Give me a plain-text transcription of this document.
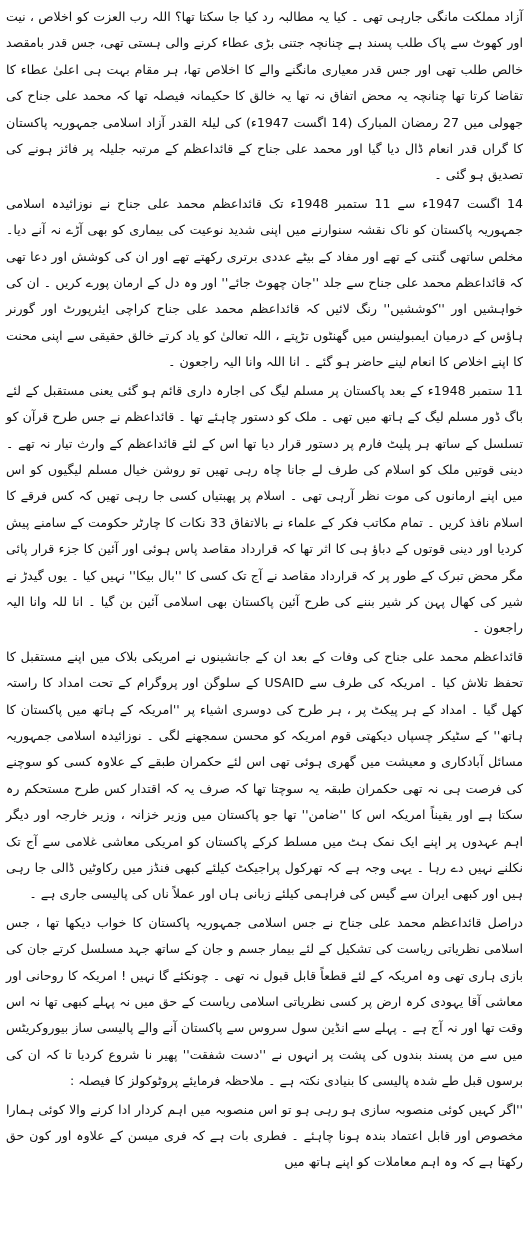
آزاد مملکت مانگی جارہی تھی ۔ کیا یہ مطالبہ رد کیا جا سکتا تھا؟ اللہ رب العزت کو اخلاص ، نیت اور کھوٹ سے پاک طلب پسند ہے چنانچہ جتنی بڑی عطاء کرنے والی ہستی تھی، جس قدر بامقصد خالص طلب تھی اور جس قدر معیاری مانگنے والے کا اخلاص تھا، ہر مقام بہت ہی اعلیٰ عطاء کا تقاضا کرتا تھا چنانچہ یہ محض اتفاق نہ تھا یہ خالق کا حکیمانہ فیصلہ تھا کہ محمد علی جناح کی جھولی میں 27 رمضان المبارک (14 اگست 1947ء) کی لیلۃ القدر آزاد اسلامی جمہوریہ پاکستان کا گراں قدر انعام ڈال دیا گیا اور محمد علی جناح کے قائداعظم کے مرتبہ جلیلہ پر فائز ہونے کی تصدیق ہو گئی ۔

14 اگست 1947ء سے 11 ستمبر 1948ء تک قائداعظم محمد علی جناح نے نوزائیدہ اسلامی جمہوریہ پاکستان کو ناک نقشہ سنوارنے میں اپنی شدید نوعیت کی بیماری کو بھی آڑے نہ آنے دیا۔ مخلص ساتھی گنتی کے تھے اور مفاد کے بیٹے عددی برتری رکھتے تھے اور ان کی کوشش اور دعا تھی کہ قائداعظم محمد علی جناح سے جلد ''جان چھوٹ جائے'' اور وہ دل کے ارمان پورے کریں ۔ ان کی خواہشیں اور ''کوششیں'' رنگ لائیں کہ قائداعظم محمد علی جناح کراچی ایئرپورٹ اور گورنر ہاؤس کے درمیان ایمبولینس میں گھنٹوں تڑپتے ، اللہ تعالیٰ کو یاد کرتے خالق حقیقی سے اپنی محنت کا اپنے اخلاص کا انعام لینے حاضر ہو گئے ۔ انا اللہ وانا الیہ راجعون ۔

11 ستمبر 1948ء کے بعد پاکستان پر مسلم لیگ کی اجارہ داری قائم ہو گئی یعنی مستقبل کے لئے باگ ڈور مسلم لیگ کے ہاتھ میں تھی ۔ ملک کو دستور چاہئے تھا ۔ قائداعظم نے جس طرح قرآن کو تسلسل کے ساتھ ہر پلیٹ فارم پر دستور قرار دیا تھا اس کے لئے قائداعظم کے وارث تیار نہ تھے ۔ دینی قوتیں ملک کو اسلام کی طرف لے جانا چاہ رہی تھیں تو روشن خیال مسلم لیگیوں کو اس میں اپنے ارمانوں کی موت نظر آرہی تھی ۔ اسلام پر پھبتیاں کسی جا رہی تھیں کہ کس فرقے کا اسلام نافذ کریں ۔ تمام مکاتب فکر کے علماء نے بالاتفاق 33 نکات کا چارٹر حکومت کے سامنے پیش کردیا اور دینی قوتوں کے دباؤ ہی کا اثر تھا کہ قرارداد مقاصد پاس ہوئی اور آئین کا جزء قرار پائی مگر محض تبرک کے طور پر کہ قرارداد مقاصد نے آج تک کسی کا ''بال بیکا'' نہیں کیا ۔ یوں گیدڑ نے شیر کی کھال پہن کر شیر بننے کی طرح آئین پاکستان بھی اسلامی آئین بن گیا ۔ انا للہ وانا الیہ راجعون ۔

قائداعظم محمد علی جناح کی وفات کے بعد ان کے جانشینوں نے امریکی بلاک میں اپنے مستقبل کا تحفظ تلاش کیا ۔ امریکہ کی طرف سے USAID کے سلوگن اور پروگرام کے تحت امداد کا راستہ کھل گیا ۔ امداد کے ہر پیکٹ پر ، ہر طرح کی دوسری اشیاء پر ''امریکہ کے ہاتھ میں پاکستان کا ہاتھ'' کے سٹیکر چسپاں دیکھتی قوم امریکہ کو محسن سمجھنے لگی ۔ نوزائیدہ اسلامی جمہوریہ مسائل آبادکاری و معیشت میں گھری ہوئی تھی اس لئے حکمران طبقے کے علاوہ کسی کو سوچنے کی فرصت ہی نہ تھی حکمران طبقہ یہ سوچتا تھا کہ صرف یہ کہ اقتدار کس طرح مستحکم رہ سکتا ہے اور یقیناً امریکہ اس کا ''ضامن'' تھا جو پاکستان میں وزیر خزانہ ، وزیر خارجہ اور دیگر اہم عہدوں پر اپنے ایک نمک ہٹ میں مسلط کرکے پاکستان کو امریکی معاشی غلامی سے آج تک نکلنے نہیں دے رہا ۔ یہی وجہ ہے کہ تھرکول پراجیکٹ کیلئے کبھی فنڈز میں رکاوٹیں ڈالی جا رہی ہیں اور کبھی ایران سے گیس کی فراہمی کیلئے زبانی ہاں اور عملاً ناں کی پالیسی جاری ہے ۔

دراصل قائداعظم محمد علی جناح نے جس اسلامی جمہوریہ پاکستان کا خواب دیکھا تھا ، جس اسلامی نظریاتی ریاست کی تشکیل کے لئے بیمار جسم و جان کے ساتھ جہد مسلسل کرتے جان کی بازی ہاری تھی وہ امریکہ کے لئے قطعاً قابل قبول نہ تھی ۔ چونکئے گا نہیں ! امریکہ کا روحانی اور معاشی آقا یہودی کرہ ارض پر کسی نظریاتی اسلامی ریاست کے حق میں نہ پہلے کبھی تھا نہ اس وقت تھا اور نہ آج ہے ۔ پہلے سے انڈین سول سروس سے پاکستان آنے والے پالیسی ساز بیوروکریٹس میں سے من پسند بندوں کی پشت پر انہوں نے ''دست شفقت'' پھیر نا شروع کردیا تا کہ ان کی برسوں قبل طے شدہ پالیسی کا بنیادی نکتہ ہے ۔ ملاحظہ فرمایئے پروٹوکولز کا فیصلہ :

''اگر کہیں کوئی منصوبہ سازی ہو رہی ہو تو اس منصوبہ میں اہم کردار ادا کرنے والا کوئی ہمارا مخصوص اور قابل اعتماد بندہ ہونا چاہئے ۔ فطری بات ہے کہ فری میسن کے علاوہ اور کون حق رکھتا ہے کہ وہ اہم معاملات کو اپنے ہاتھ میں
